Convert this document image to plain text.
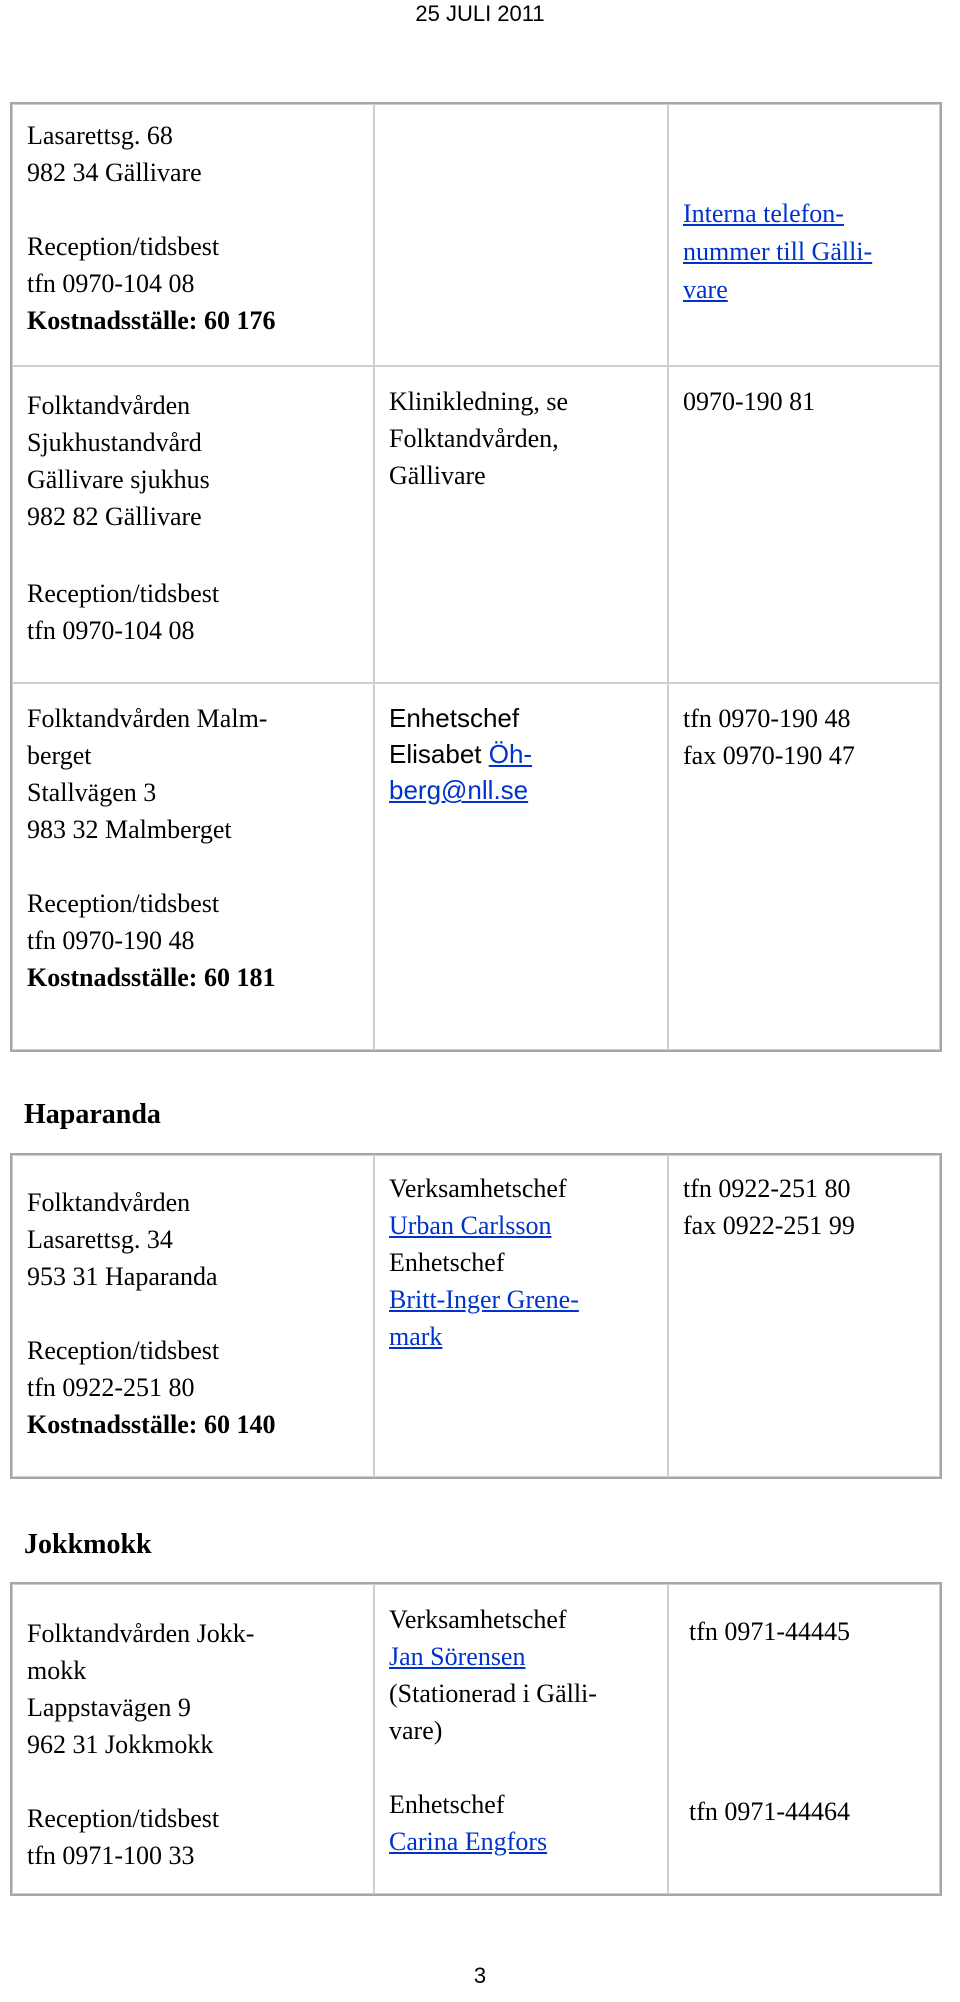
25 JULI 2011

Lasarettsg. 68

982 34 Gällivare

Reception/tidsbest

tfn 0970-104 08

Kostnadsställe: 60 176

Interna telefon-
nummer till Gälli-
vare

Folktandvården

Sjukhustandvård

Gällivare sjukhus

982 82 Gällivare

Reception/tidsbest

tfn 0970-104 08

Klinikledning, se

Folktandvården,

Gällivare

0970-190 81

Folktandvården Malm-

berget

Stallvägen 3

983 32 Malmberget

Reception/tidsbest

tfn 0970-190 48

Kostnadsställe: 60 181

Enhetschef

Elisabet Öh-

berg@nll.se

tfn 0970-190 48

fax 0970-190 47

Haparanda

Folktandvården

Lasarettsg. 34

953 31 Haparanda

Reception/tidsbest

tfn 0922-251 80

Kostnadsställe: 60 140

Verksamhetschef

Urban Carlsson

Enhetschef

Britt-Inger Grene-

mark

tfn 0922-251 80

fax 0922-251 99

Jokkmokk

Folktandvården Jokk-

mokk

Lappstavägen 9

962 31 Jokkmokk

Reception/tidsbest

tfn 0971-100 33

Verksamhetschef

Jan Sörensen

(Stationerad i Gälli-

vare)

Enhetschef

Carina Engfors

tfn 0971-44445

tfn 0971-44464

3
